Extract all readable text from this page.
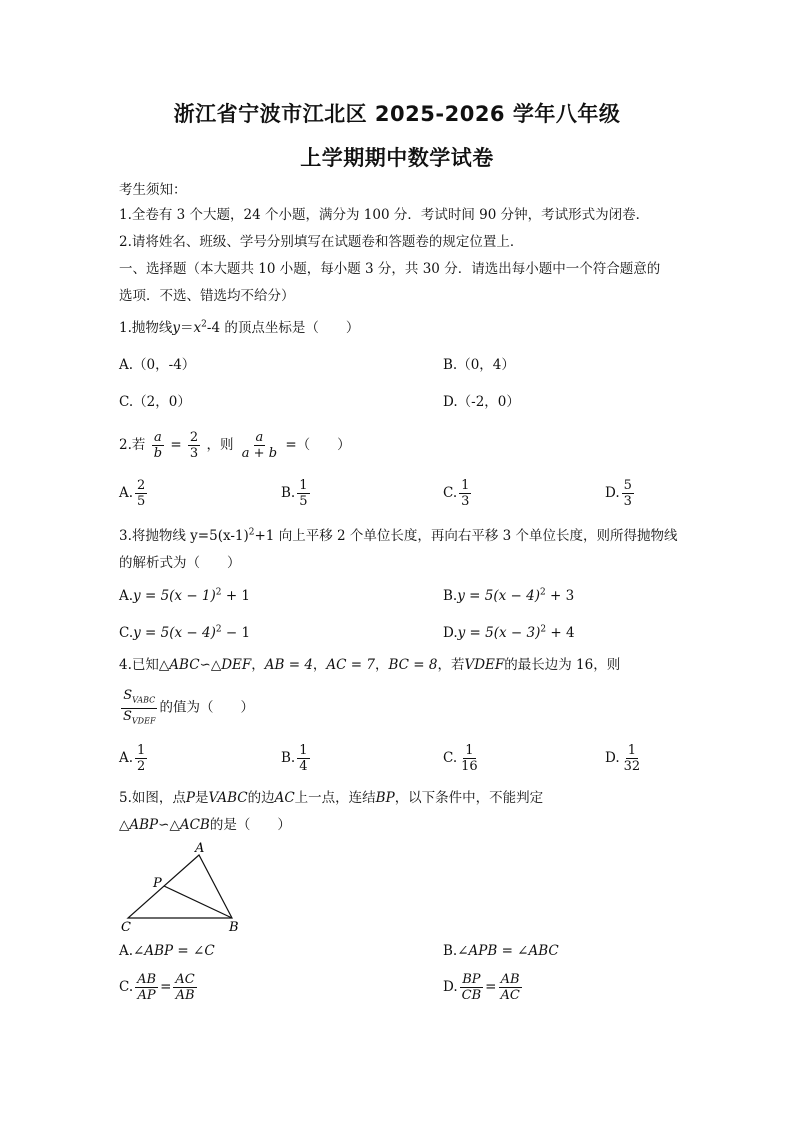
浙江省宁波市江北区 2025-2026 学年八年级
上学期期中数学试卷
考生须知：
1.全卷有 3 个大题，24 个小题，满分为 100 分．考试时间 90 分钟，考试形式为闭卷．
2.请将姓名、班级、学号分别填写在试题卷和答题卷的规定位置上．
一、选择题（本大题共 10 小题，每小题 3 分，共 30 分．请选出每小题中一个符合题意的
选项．不选、错选均不给分）
1.抛物线$y=x^2-4$ 的顶点坐标是（　　）
A.（0，-4）	B.（0，4）
C.（2，0）	D.（-2，0）
2.若 $\frac{a}{b} = \frac{2}{3}$ ，则 $\frac{a}{a + b}$ =（　　）
A. $\frac{2}{5}$	B. $\frac{1}{5}$	C. $\frac{1}{3}$	D. $\frac{5}{3}$
3.将抛物线 $y=5(x-1)^2+1$ 向上平移 2 个单位长度，再向右平移 3 个单位长度，则所得抛物线
的解析式为（　　）
$A.y = 5(x - 1)^2 + 1$	$B.y = 5(x - 4)^2 + 3$
$C.y = 5(x - 4)^2 - 1$	$D.y = 5(x - 3)^2 + 4$
4.已知△ABC∽△DEF，AB = 4，AC = 7，BC = 8，若VDEF的最长边为 16，则
$\frac{S_{VABC}}{S_{VDEF}}$ 的值为（　　）
A. $\frac{1}{2}$	B. $\frac{1}{4}$	C. $\frac{1}{16}$	D. $\frac{1}{32}$
5.如图，点P是VABC的边AC上一点，连结BP，以下条件中，不能判定
△ABP∽△ACB的是（　　）
A
P
C	B
A.∠ABP = ∠C	B.∠APB = ∠ABC
C. $\frac{AB}{AP} = \frac{AC}{AB}$	D. $\frac{BP}{CB} = \frac{AB}{AC}$
